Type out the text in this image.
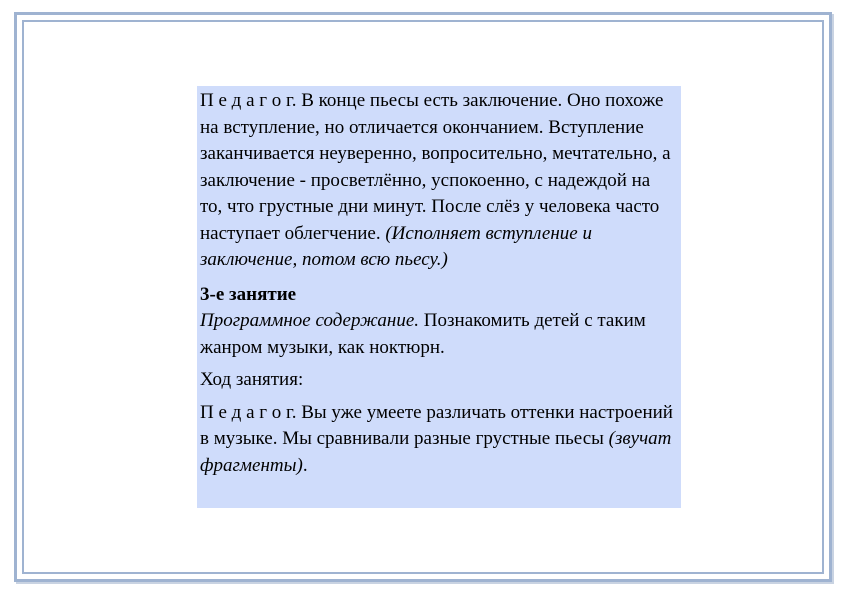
П е д а г о г. В конце пьесы есть заключение. Оно похоже на вступление, но отличается окончанием. Вступление заканчивается неуверенно, вопросительно, мечтательно, а заключение - просветлённо, успокоенно, с надеждой на то, что грустные дни минут. После слёз у человека часто наступает облегчение. (Исполняет вступление и заключение, потом всю пьесу.)

3-е занятие

Программное содержание. Познакомить детей с таким жанром музыки, как ноктюрн.

Ход занятия:

П е д а г о г. Вы уже умеете различать оттенки настроений в музыке. Мы сравнивали разные грустные пьесы (звучат фрагменты).
